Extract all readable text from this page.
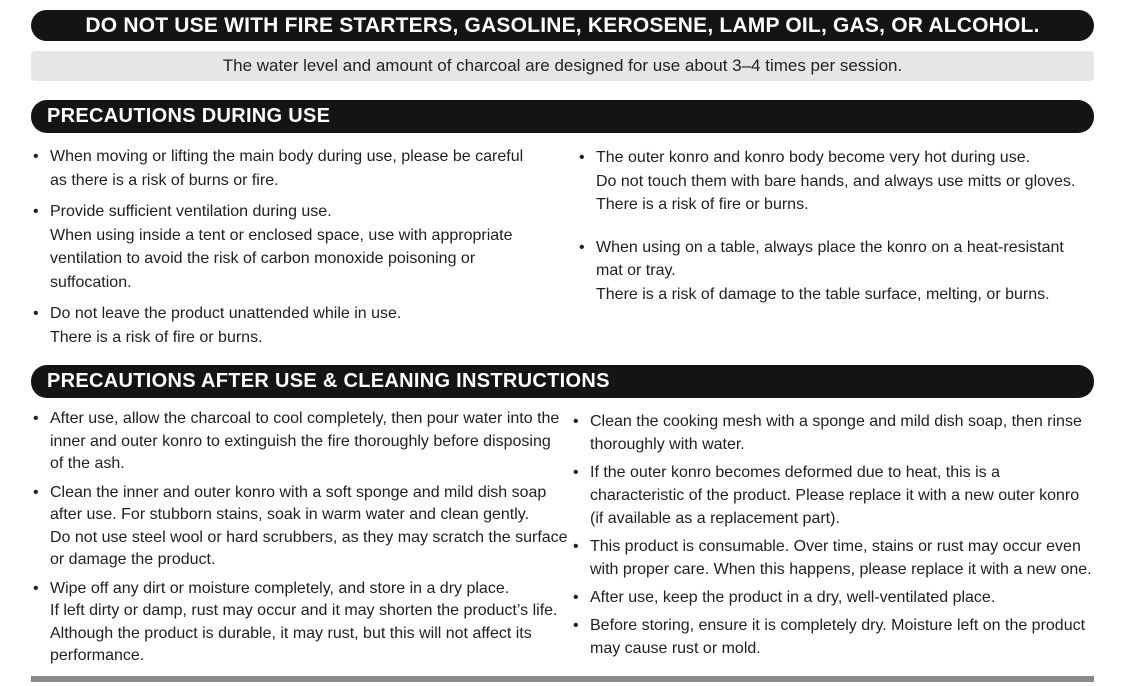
DO NOT USE WITH FIRE STARTERS, GASOLINE, KEROSENE, LAMP OIL, GAS, OR ALCOHOL.
The water level and amount of charcoal are designed for use about 3–4 times per session.
PRECAUTIONS DURING USE
• When moving or lifting the main body during use, please be careful
as there is a risk of burns or fire.
• Provide sufficient ventilation during use.
When using inside a tent or enclosed space, use with appropriate
ventilation to avoid the risk of carbon monoxide poisoning or
suffocation.
• Do not leave the product unattended while in use.
There is a risk of fire or burns.
• The outer konro and konro body become very hot during use.
Do not touch them with bare hands, and always use mitts or gloves.
There is a risk of fire or burns.
• When using on a table, always place the konro on a heat-resistant
mat or tray.
There is a risk of damage to the table surface, melting, or burns.
PRECAUTIONS AFTER USE & CLEANING INSTRUCTIONS
• After use, allow the charcoal to cool completely, then pour water into the
inner and outer konro to extinguish the fire thoroughly before disposing
of the ash.
• Clean the inner and outer konro with a soft sponge and mild dish soap
after use. For stubborn stains, soak in warm water and clean gently.
Do not use steel wool or hard scrubbers, as they may scratch the surface
or damage the product.
• Wipe off any dirt or moisture completely, and store in a dry place.
If left dirty or damp, rust may occur and it may shorten the product’s life.
Although the product is durable, it may rust, but this will not affect its
performance.
• Clean the cooking mesh with a sponge and mild dish soap, then rinse
thoroughly with water.
• If the outer konro becomes deformed due to heat, this is a
characteristic of the product. Please replace it with a new outer konro
(if available as a replacement part).
• This product is consumable. Over time, stains or rust may occur even
with proper care. When this happens, please replace it with a new one.
• After use, keep the product in a dry, well-ventilated place.
• Before storing, ensure it is completely dry. Moisture left on the product
may cause rust or mold.
